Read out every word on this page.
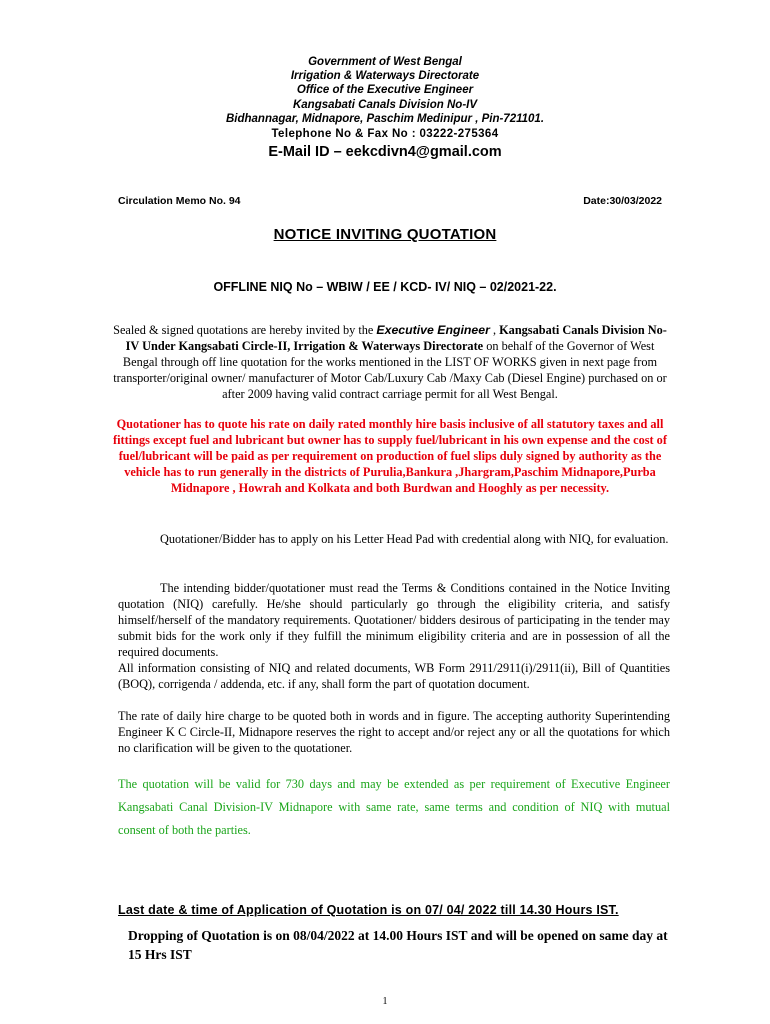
Government of West Bengal
Irrigation & Waterways Directorate
Office of the Executive Engineer
Kangsabati Canals Division No-IV
Bidhannagar, Midnapore, Paschim Medinipur , Pin-721101.
Telephone No & Fax No : 03222-275364
E-Mail ID – eekcdivn4@gmail.com
Circulation Memo No. 94	Date:30/03/2022
NOTICE INVITING QUOTATION
OFFLINE NIQ No – WBIW / EE / KCD- IV/ NIQ – 02/2021-22.
Sealed & signed quotations are hereby invited by the Executive Engineer , Kangsabati Canals Division No-IV Under Kangsabati Circle-II, Irrigation & Waterways Directorate on behalf of the Governor of West Bengal through off line quotation for the works mentioned in the LIST OF WORKS given in next page from transporter/original owner/ manufacturer of Motor Cab/Luxury Cab /Maxy Cab (Diesel Engine) purchased on or after 2009 having valid contract carriage permit for all West Bengal.
Quotationer has to quote his rate on daily rated monthly hire basis inclusive of all statutory taxes and all fittings except fuel and lubricant but owner has to supply fuel/lubricant in his own expense and the cost of fuel/lubricant will be paid as per requirement on production of fuel slips duly signed by authority as the vehicle has to run generally in the districts of Purulia,Bankura ,Jhargram,Paschim Midnapore,Purba Midnapore , Howrah and Kolkata and both Burdwan and Hooghly as per necessity.

Quotationer/Bidder has to apply on his Letter Head Pad with credential along with NIQ, for evaluation.

The intending bidder/quotationer must read the Terms & Conditions contained in the Notice Inviting quotation (NIQ) carefully. He/she should particularly go through the eligibility criteria, and satisfy himself/herself of the mandatory requirements. Quotationer/ bidders desirous of participating in the tender may submit bids for the work only if they fulfill the minimum eligibility criteria and are in possession of all the required documents.

All information consisting of NIQ and related documents, WB Form 2911/2911(i)/2911(ii), Bill of Quantities (BOQ), corrigenda / addenda, etc. if any, shall form the part of quotation document.

The rate of daily hire charge to be quoted both in words and in figure. The accepting authority Superintending Engineer K C Circle-II, Midnapore reserves the right to accept and/or reject any or all the quotations for which no clarification will be given to the quotationer.

The quotation will be valid for 730 days and may be extended as per requirement of Executive Engineer Kangsabati Canal Division-IV Midnapore with same rate, same terms and condition of NIQ with mutual consent of both the parties.

Last date & time of Application of Quotation is on 07/ 04/ 2022 till 14.30 Hours IST.
Dropping of Quotation is on 08/04/2022 at 14.00 Hours IST and will be opened on same day at 15 Hrs IST
1
